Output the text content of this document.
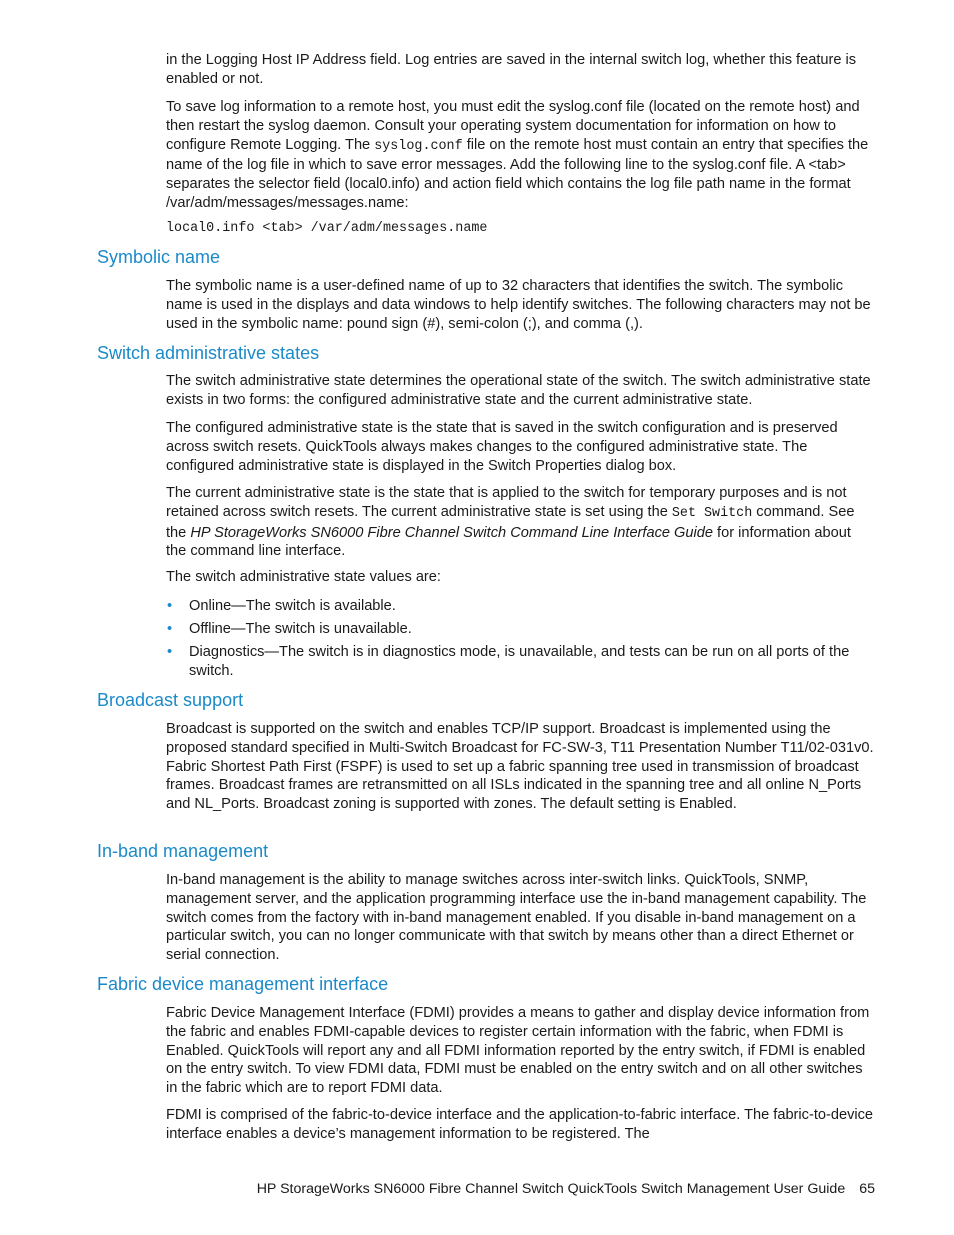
in the Logging Host IP Address field. Log entries are saved in the internal switch log, whether this feature is enabled or not.

To save log information to a remote host, you must edit the syslog.conf file (located on the remote host) and then restart the syslog daemon. Consult your operating system documentation for information on how to configure Remote Logging. The syslog.conf file on the remote host must contain an entry that specifies the name of the log file in which to save error messages. Add the following line to the syslog.conf file. A <tab> separates the selector field (local0.info) and action field which contains the log file path name in the format /var/adm/messages/messages.name:

local0.info <tab> /var/adm/messages.name

Symbolic name

The symbolic name is a user-defined name of up to 32 characters that identifies the switch. The symbolic name is used in the displays and data windows to help identify switches. The following characters may not be used in the symbolic name: pound sign (#), semi-colon (;), and comma (,).

Switch administrative states

The switch administrative state determines the operational state of the switch. The switch administrative state exists in two forms: the configured administrative state and the current administrative state.

The configured administrative state is the state that is saved in the switch configuration and is preserved across switch resets. QuickTools always makes changes to the configured administrative state. The configured administrative state is displayed in the Switch Properties dialog box.

The current administrative state is the state that is applied to the switch for temporary purposes and is not retained across switch resets. The current administrative state is set using the Set Switch command. See the HP StorageWorks SN6000 Fibre Channel Switch Command Line Interface Guide for information about the command line interface.

The switch administrative state values are:

• Online—The switch is available.
• Offline—The switch is unavailable.
• Diagnostics—The switch is in diagnostics mode, is unavailable, and tests can be run on all ports of the switch.
Broadcast support

Broadcast is supported on the switch and enables TCP/IP support. Broadcast is implemented using the proposed standard specified in Multi-Switch Broadcast for FC-SW-3, T11 Presentation Number T11/02-031v0. Fabric Shortest Path First (FSPF) is used to set up a fabric spanning tree used in transmission of broadcast frames. Broadcast frames are retransmitted on all ISLs indicated in the spanning tree and all online N_Ports and NL_Ports. Broadcast zoning is supported with zones. The default setting is Enabled.

In-band management

In-band management is the ability to manage switches across inter-switch links. QuickTools, SNMP, management server, and the application programming interface use the in-band management capability. The switch comes from the factory with in-band management enabled. If you disable in-band management on a particular switch, you can no longer communicate with that switch by means other than a direct Ethernet or serial connection.

Fabric device management interface

Fabric Device Management Interface (FDMI) provides a means to gather and display device information from the fabric and enables FDMI-capable devices to register certain information with the fabric, when FDMI is Enabled. QuickTools will report any and all FDMI information reported by the entry switch, if FDMI is enabled on the entry switch. To view FDMI data, FDMI must be enabled on the entry switch and on all other switches in the fabric which are to report FDMI data.

FDMI is comprised of the fabric-to-device interface and the application-to-fabric interface. The fabric-to-device interface enables a device’s management information to be registered. The

HP StorageWorks SN6000 Fibre Channel Switch QuickTools Switch Management User Guide 65
